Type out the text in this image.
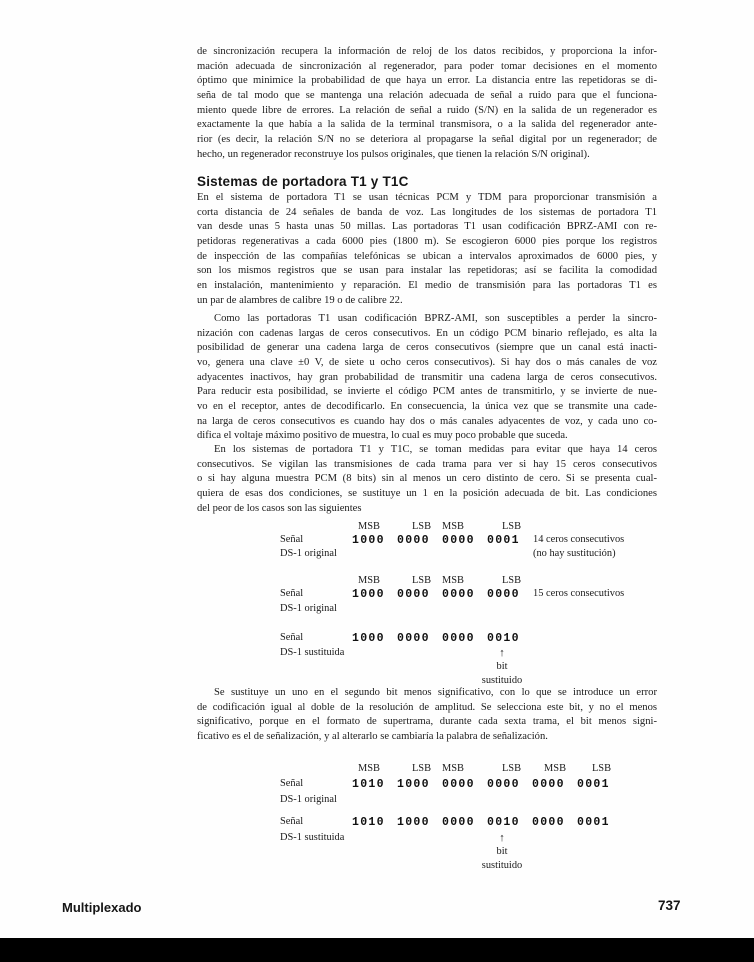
de sincronización recupera la información de reloj de los datos recibidos, y proporciona la infor-
mación adecuada de sincronización al regenerador, para poder tomar decisiones en el momento
óptimo que minimice la probabilidad de que haya un error. La distancia entre las repetidoras se di-
seña de tal modo que se mantenga una relación adecuada de señal a ruido para que el funciona-
miento quede libre de errores. La relación de señal a ruido (S/N) en la salida de un regenerador es
exactamente la que había a la salida de la terminal transmisora, o a la salida del regenerador ante-
rior (es decir, la relación S/N no se deteriora al propagarse la señal digital por un regenerador; de
hecho, un regenerador reconstruye los pulsos originales, que tienen la relación S/N original).
Sistemas de portadora T1 y T1C
En el sistema de portadora T1 se usan técnicas PCM y TDM para proporcionar transmisión a
corta distancia de 24 señales de banda de voz. Las longitudes de los sistemas de portadora T1
van desde unas 5 hasta unas 50 millas. Las portadoras T1 usan codificación BPRZ-AMI con re-
petidoras regenerativas a cada 6000 pies (1800 m). Se escogieron 6000 pies porque los registros
de inspección de las compañías telefónicas se ubican a intervalos aproximados de 6000 pies, y
son los mismos registros que se usan para instalar las repetidoras; así se facilita la comodidad
en instalación, mantenimiento y reparación. El medio de transmisión para las portadoras T1 es
un par de alambres de calibre 19 o de calibre 22.
Como las portadoras T1 usan codificación BPRZ-AMI, son susceptibles a perder la sincro-
nización con cadenas largas de ceros consecutivos. En un código PCM binario reflejado, es alta la
posibilidad de generar una cadena larga de ceros consecutivos (siempre que un canal está inacti-
vo, genera una clave ±0 V, de siete u ocho ceros consecutivos). Si hay dos o más canales de voz
adyacentes inactivos, hay gran probabilidad de transmitir una cadena larga de ceros consecutivos.
Para reducir esta posibilidad, se invierte el código PCM antes de transmitirlo, y se invierte de nue-
vo en el receptor, antes de decodificarlo. En consecuencia, la única vez que se transmite una cade-
na larga de ceros consecutivos es cuando hay dos o más canales adyacentes de voz, y cada uno co-
difica el voltaje máximo positivo de muestra, lo cual es muy poco probable que suceda.
En los sistemas de portadora T1 y T1C, se toman medidas para evitar que haya 14 ceros
consecutivos. Se vigilan las transmisiones de cada trama para ver si hay 15 ceros consecutivos
o si hay alguna muestra PCM (8 bits) sin al menos un cero distinto de cero. Si se presenta cual-
quiera de esas dos condiciones, se sustituye un 1 en la posición adecuada de bit. Las condiciones
del peor de los casos son las siguientes
MSB	LSB MSB	LSB
Señal	1000 0000 0000 0001	14 ceros consecutivos
DS-1 original	(no hay sustitución)
MSB	LSB MSB	LSB
Señal	1000 0000 0000 0000	15 ceros consecutivos
DS-1 original
Señal	1000 0000 0000 0010
DS-1 sustituida	↑
bit
sustituido
Se sustituye un uno en el segundo bit menos significativo, con lo que se introduce un error
de codificación igual al doble de la resolución de amplitud. Se selecciona este bit, y no el menos
significativo, porque en el formato de supertrama, durante cada sexta trama, el bit menos signi-
ficativo es el de señalización, y al alterarlo se cambiaría la palabra de señalización.
MSB	LSB MSB	LSB	MSB	LSB
Señal	1010 1000 0000 0000 0000 0001
DS-1 original
Señal	1010 1000 0000 0010 0000 0001
DS-1 sustituida	↑
bit
sustituido
Multiplexado	737
